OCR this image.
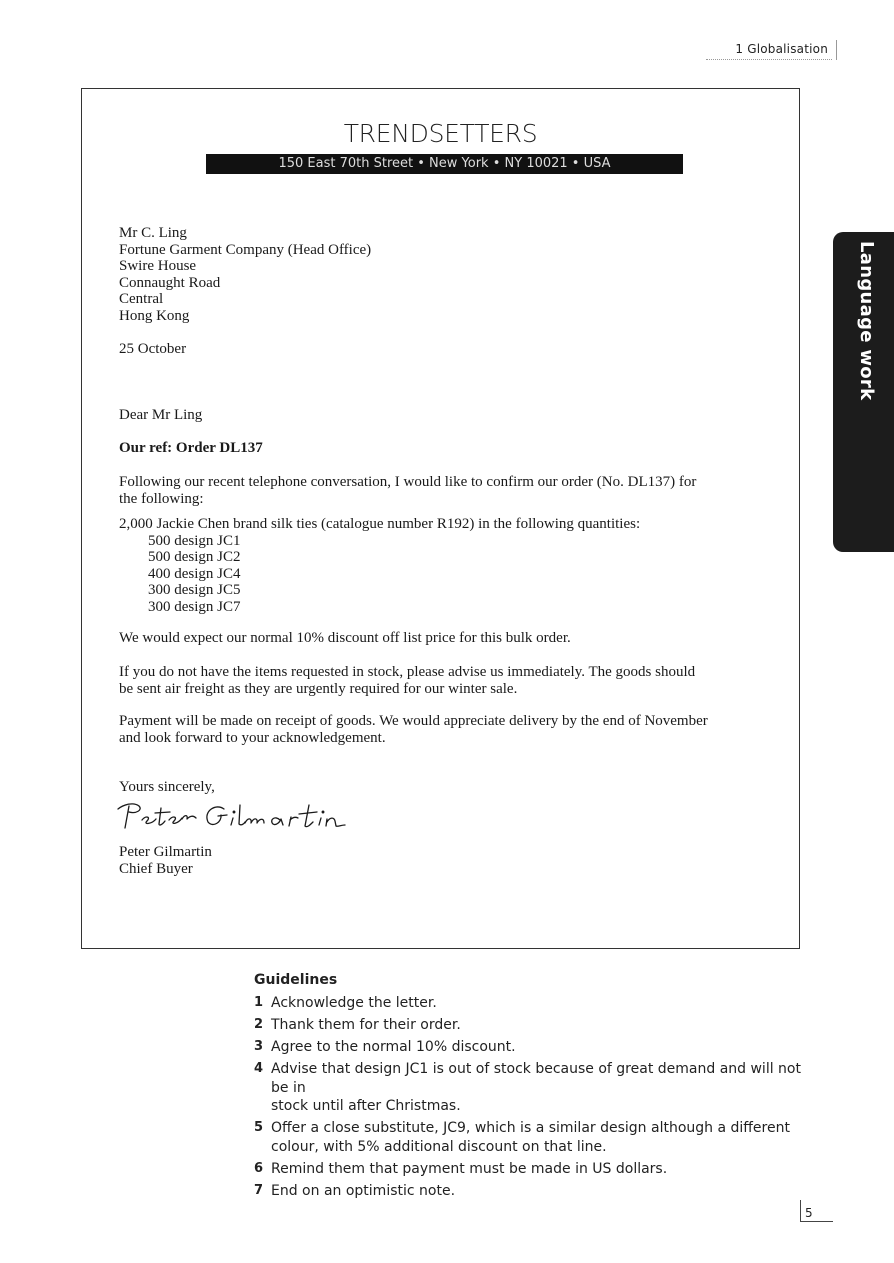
1 Globalisation
Language work
TRENDSETTERS
150 East 70th Street • New York • NY 10021 • USA
Mr C. Ling
Fortune Garment Company (Head Office)
Swire House
Connaught Road
Central
Hong Kong
25 October
Dear Mr Ling
Our ref: Order DL137
Following our recent telephone conversation, I would like to confirm our order (No. DL137) for
the following:
2,000 Jackie Chen brand silk ties (catalogue number R192) in the following quantities:
500 design JC1
500 design JC2
400 design JC4
300 design JC5
300 design JC7
We would expect our normal 10% discount off list price for this bulk order.
If you do not have the items requested in stock, please advise us immediately. The goods should
be sent air freight as they are urgently required for our winter sale.
Payment will be made on receipt of goods. We would appreciate delivery by the end of November
and look forward to your acknowledgement.
Yours sincerely,
Peter Gilmartin
Chief Buyer
Guidelines
1 Acknowledge the letter.
2 Thank them for their order.
3 Agree to the normal 10% discount.
4 Advise that design JC1 is out of stock because of great demand and will not be in
stock until after Christmas.
5 Offer a close substitute, JC9, which is a similar design although a different
colour, with 5% additional discount on that line.
6 Remind them that payment must be made in US dollars.
7 End on an optimistic note.
5
